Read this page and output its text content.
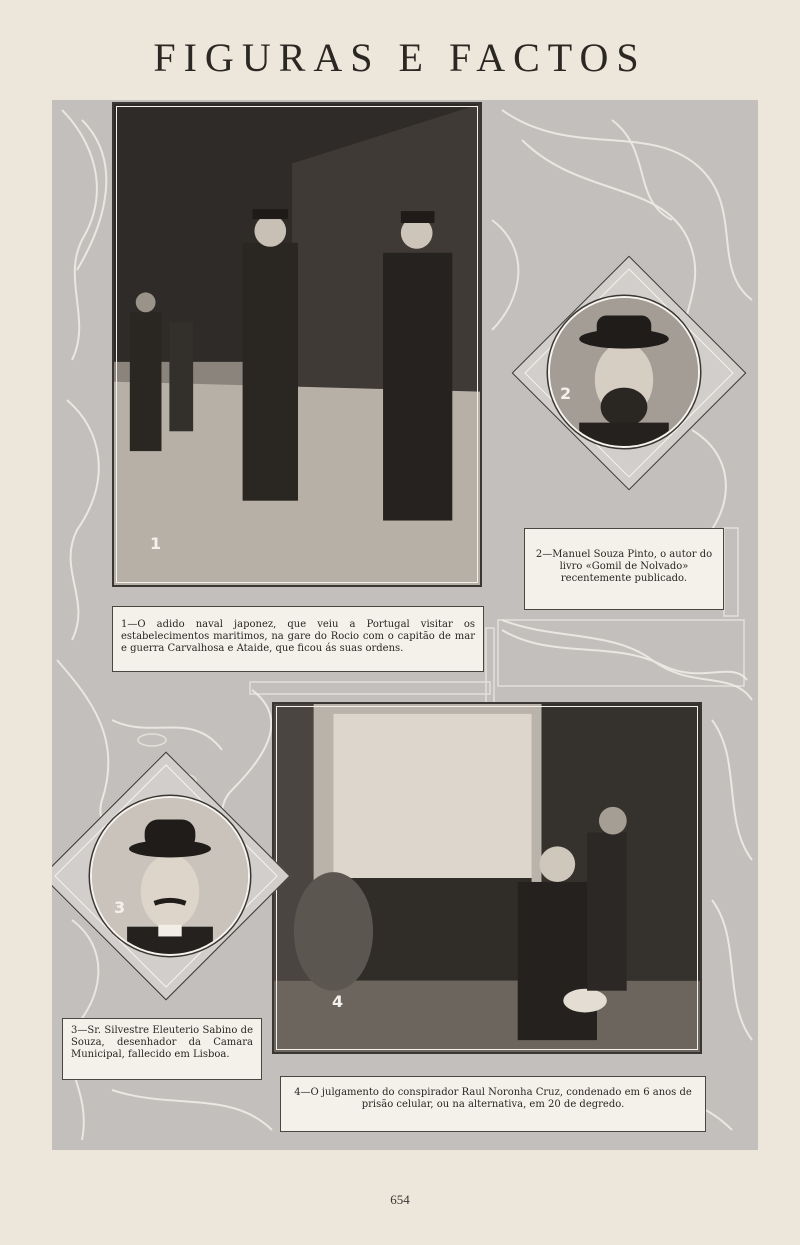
FIGURAS E FACTOS
1
2
2—Manuel Souza Pinto, o autor do livro «Gomil de Nolvado» recentemente publicado.
1—O adido naval japonez, que veiu a Portugal visitar os estabelecimentos maritimos, na gare do Rocio com o capitão de mar e guerra Carvalhosa e Ataide, que ficou ás suas ordens.
4
3
3—Sr. Silvestre Eleuterio Sabino de Souza, desenhador da Camara Municipal, fallecido em Lisboa.
4—O julgamento do conspirador Raul Noronha Cruz, condenado em 6 anos de prisão celular, ou na alternativa, em 20 de degredo.
654
